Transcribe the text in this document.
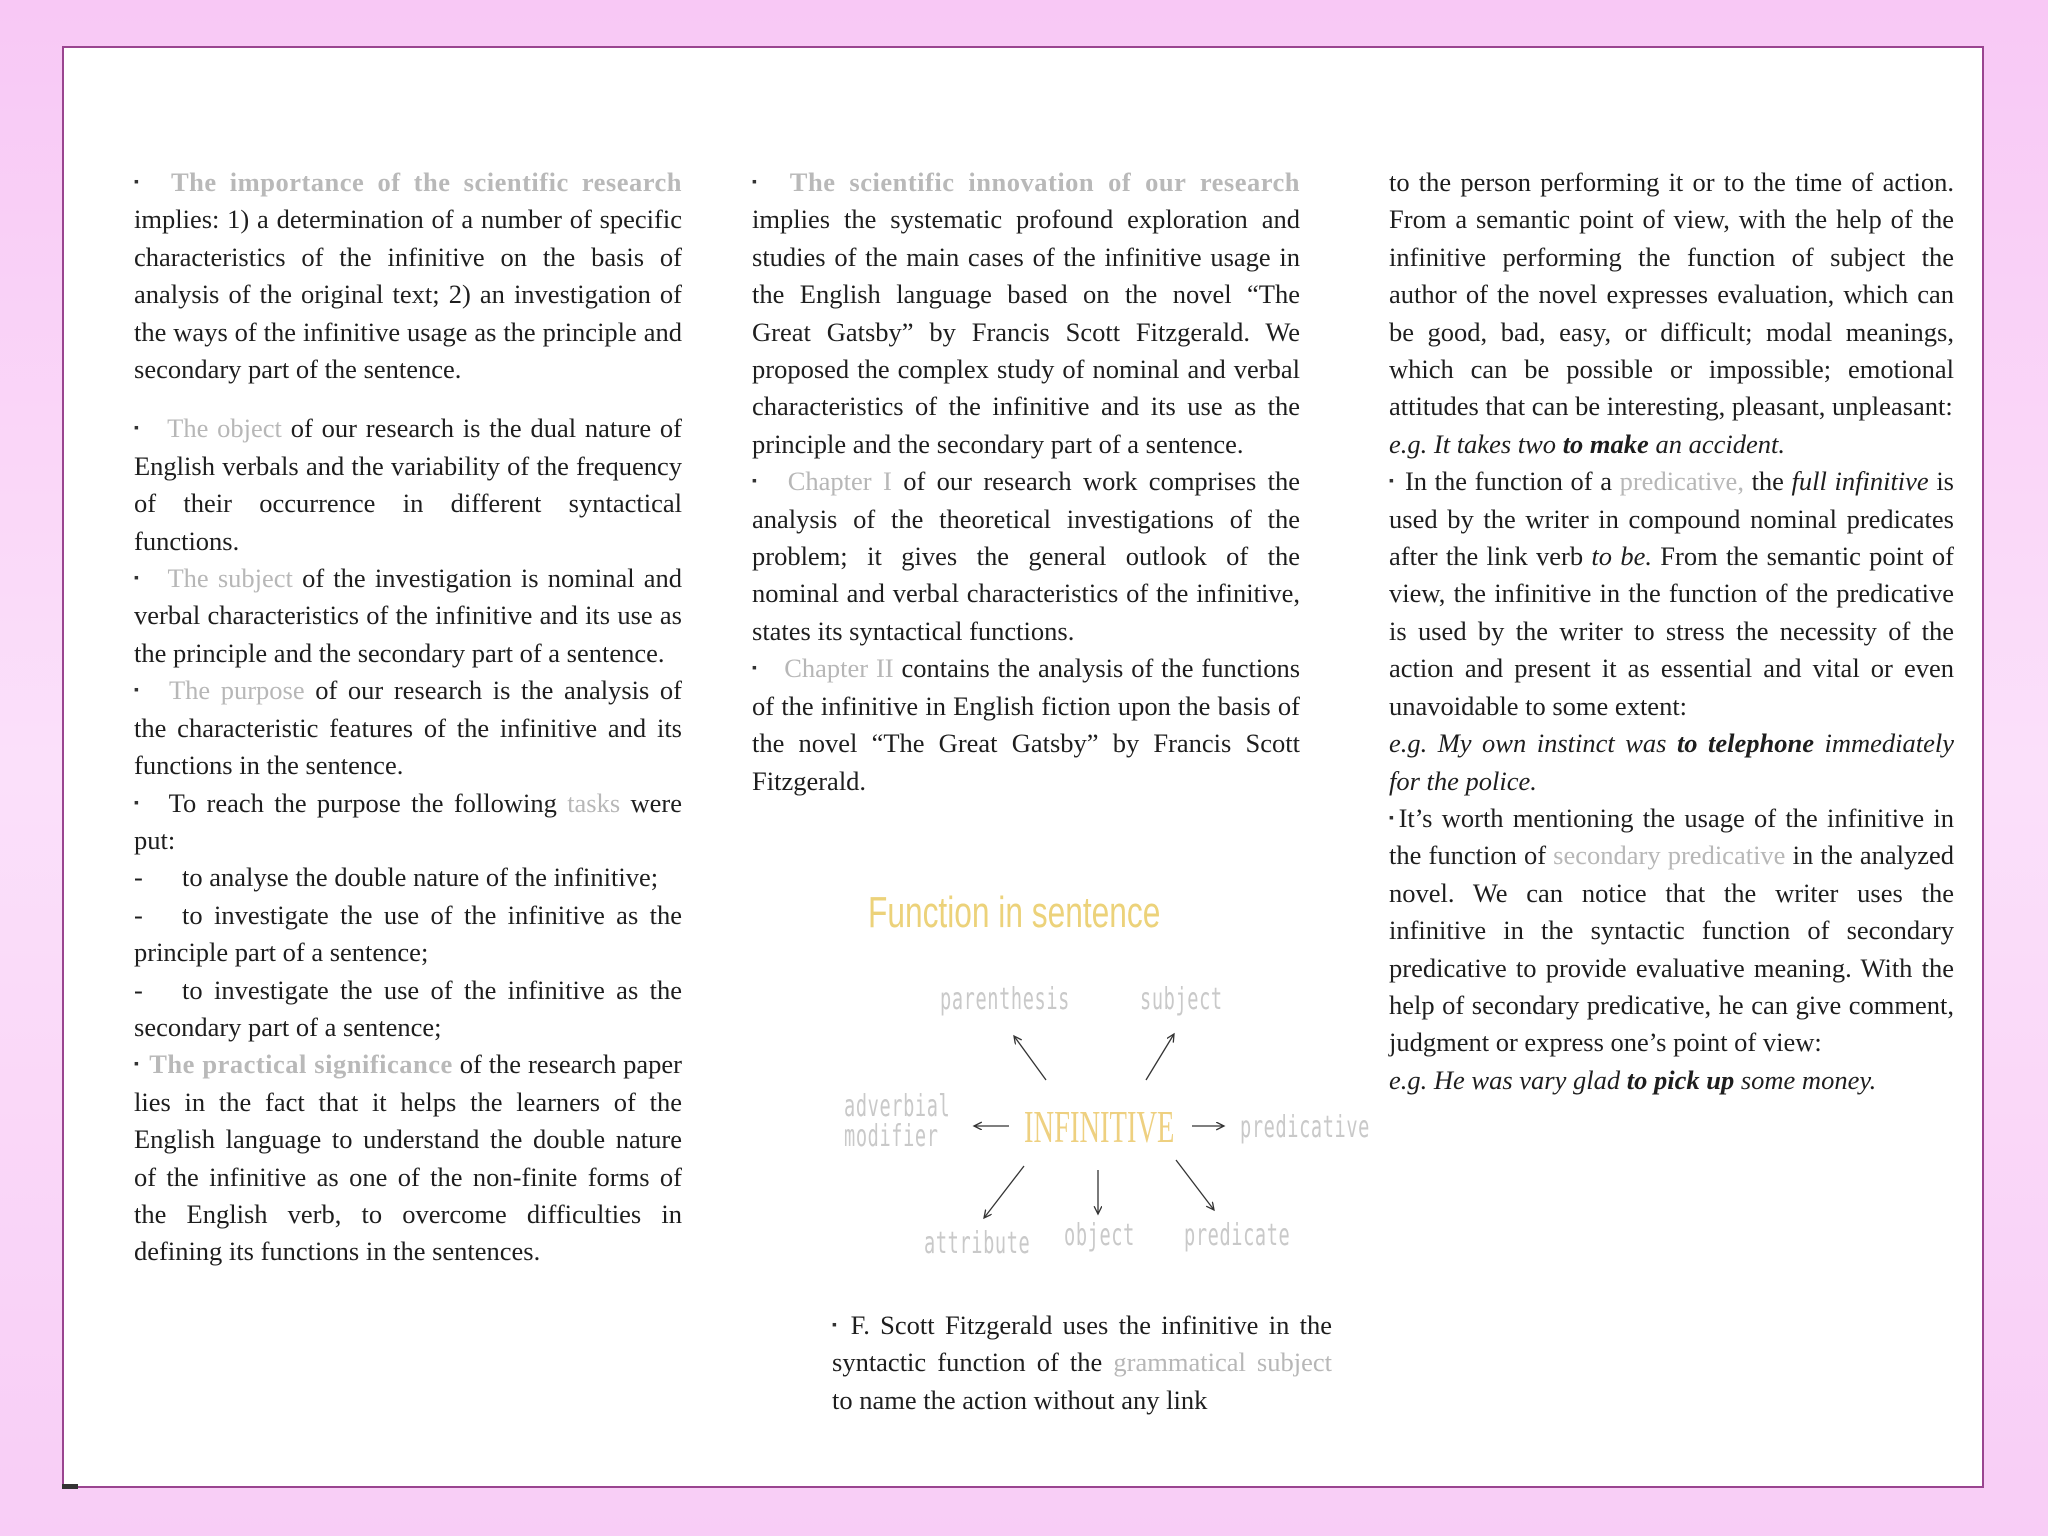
▪ The importance of the scientific research implies: 1) a determination of a number of specific characteristics of the infinitive on the basis of analysis of the original text; 2) an investigation of the ways of the infinitive usage as the principle and secondary part of the sentence.

▪ The object of our research is the dual nature of English verbals and the variability of the frequency of their occurrence in different syntactical functions.

▪ The subject of the investigation is nominal and verbal characteristics of the infinitive and its use as the principle and the secondary part of a sentence.

▪ The purpose of our research is the analysis of the characteristic features of the infinitive and its functions in the sentence.

▪ To reach the purpose the following tasks were put:

- to analyse the double nature of the infinitive;

- to investigate the use of the infinitive as the principle part of a sentence;

- to investigate the use of the infinitive as the secondary part of a sentence;

▪ The practical significance of the research paper lies in the fact that it helps the learners of the English language to understand the double nature of the infinitive as one of the non-finite forms of the English verb, to overcome difficulties in defining its functions in the sentences.

▪ The scientific innovation of our research implies the systematic profound exploration and studies of the main cases of the infinitive usage in the English language based on the novel “The Great Gatsby” by Francis Scott Fitzgerald. We proposed the complex study of nominal and verbal characteristics of the infinitive and its use as the principle and the secondary part of a sentence.

▪ Chapter I of our research work comprises the analysis of the theoretical investigations of the problem; it gives the general outlook of the nominal and verbal characteristics of the infinitive, states its syntactical functions.

▪ Chapter II contains the analysis of the functions of the infinitive in English fiction upon the basis of the novel “The Great Gatsby” by Francis Scott Fitzgerald.

Function in sentence
parenthesis subject
adverbial
modifier INFINITIVE predicative
attribute object predicate

▪ F. Scott Fitzgerald uses the infinitive in the syntactic function of the grammatical subject to name the action without any link

to the person performing it or to the time of action. From a semantic point of view, with the help of the infinitive performing the function of subject the author of the novel expresses evaluation, which can be good, bad, easy, or difficult; modal meanings, which can be possible or impossible; emotional attitudes that can be interesting, pleasant, unpleasant:

e.g. It takes two to make an accident.

▪ In the function of a predicative, the full infinitive is used by the writer in compound nominal predicates after the link verb to be. From the semantic point of view, the infinitive in the function of the predicative is used by the writer to stress the necessity of the action and present it as essential and vital or even unavoidable to some extent:

e.g. My own instinct was to telephone immediately for the police.

▪It’s worth mentioning the usage of the infinitive in the function of secondary predicative in the analyzed novel. We can notice that the writer uses the infinitive in the syntactic function of secondary predicative to provide evaluative meaning. With the help of secondary predicative, he can give comment, judgment or express one’s point of view:

e.g. He was vary glad to pick up some money.
